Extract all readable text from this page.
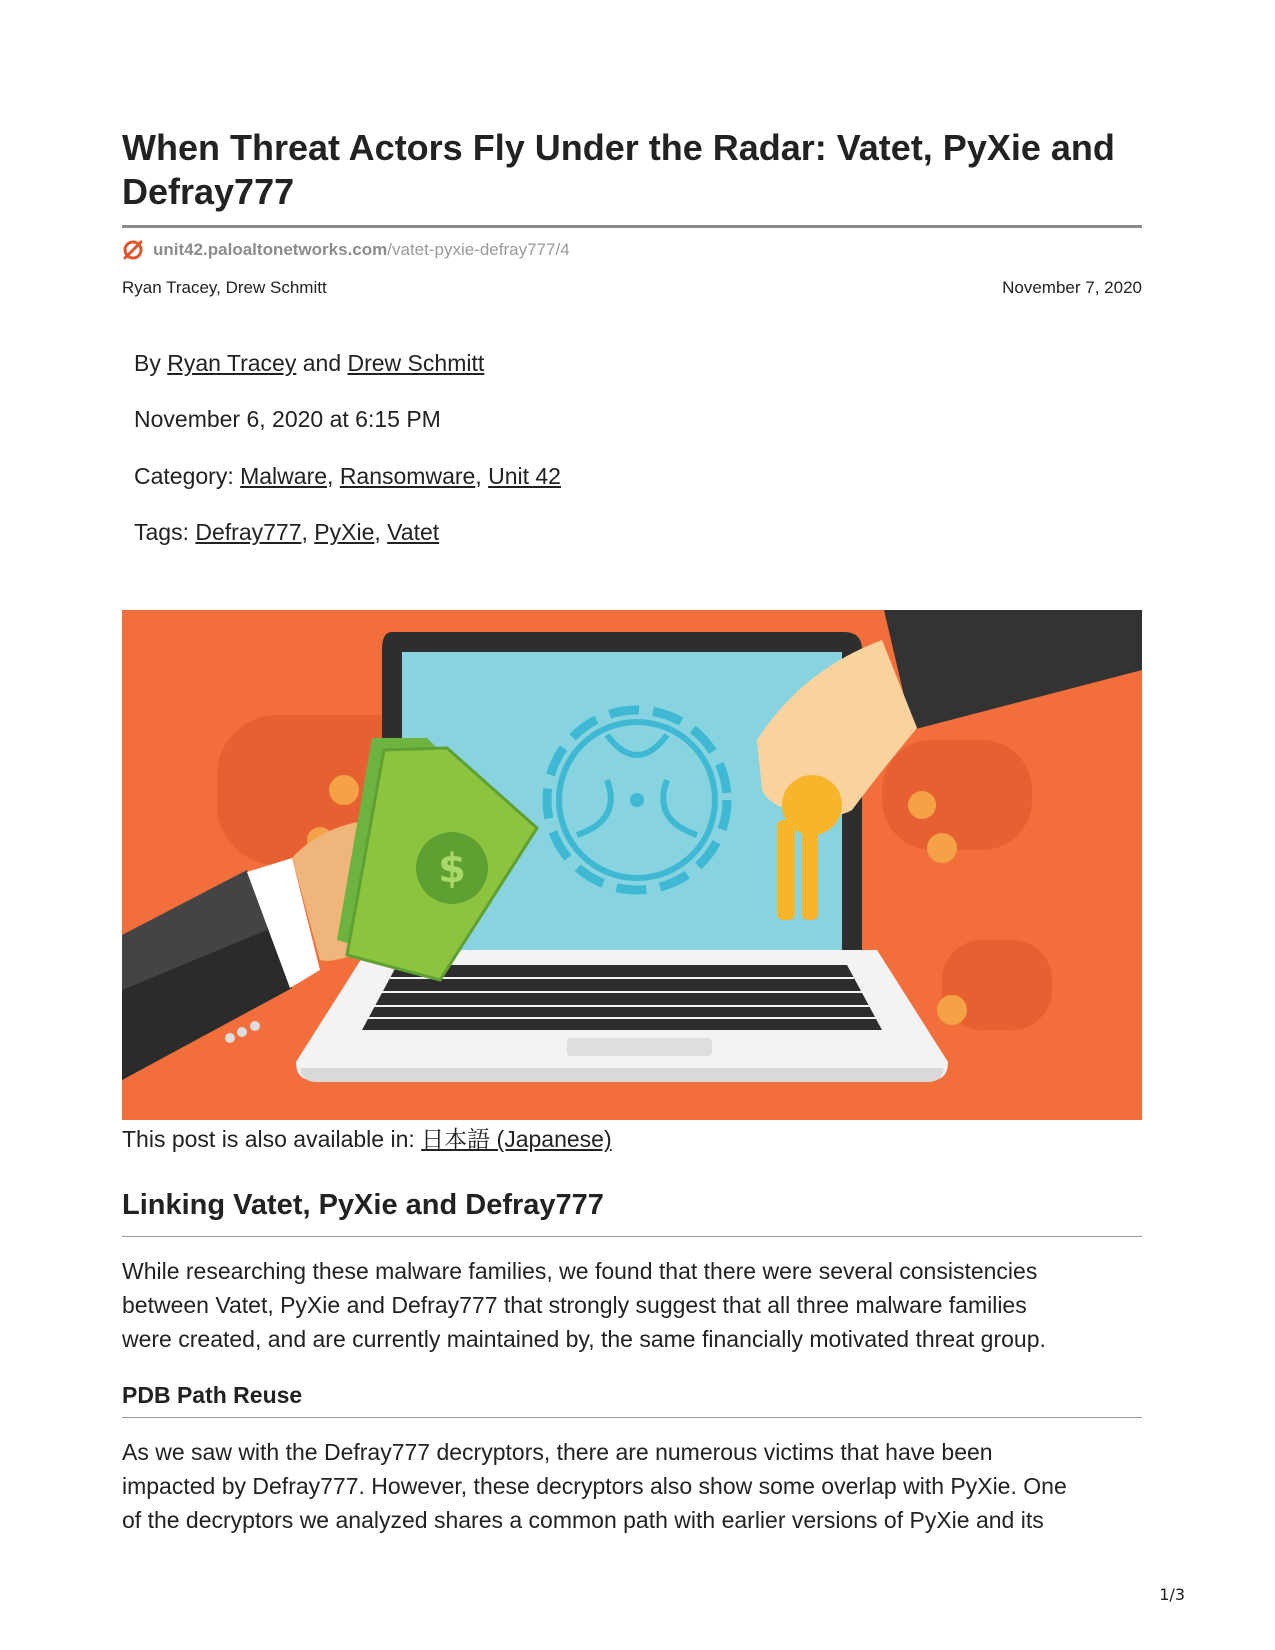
When Threat Actors Fly Under the Radar: Vatet, PyXie and Defray777
unit42.paloaltonetworks.com /vatet-pyxie-defray777/4
Ryan Tracey, Drew Schmitt	November 7, 2020
By Ryan Tracey and Drew Schmitt
November 6, 2020 at 6:15 PM
Category: Malware, Ransomware, Unit 42
Tags: Defray777, PyXie, Vatet
$
This post is also available in: 日本語 (Japanese)
Linking Vatet, PyXie and Defray777

While researching these malware families, we found that there were several consistencies

between Vatet, PyXie and Defray777 that strongly suggest that all three malware families

were created, and are currently maintained by, the same financially motivated threat group.

PDB Path Reuse

As we saw with the Defray777 decryptors, there are numerous victims that have been

impacted by Defray777. However, these decryptors also show some overlap with PyXie. One

of the decryptors we analyzed shares a common path with earlier versions of PyXie and its

1/3
